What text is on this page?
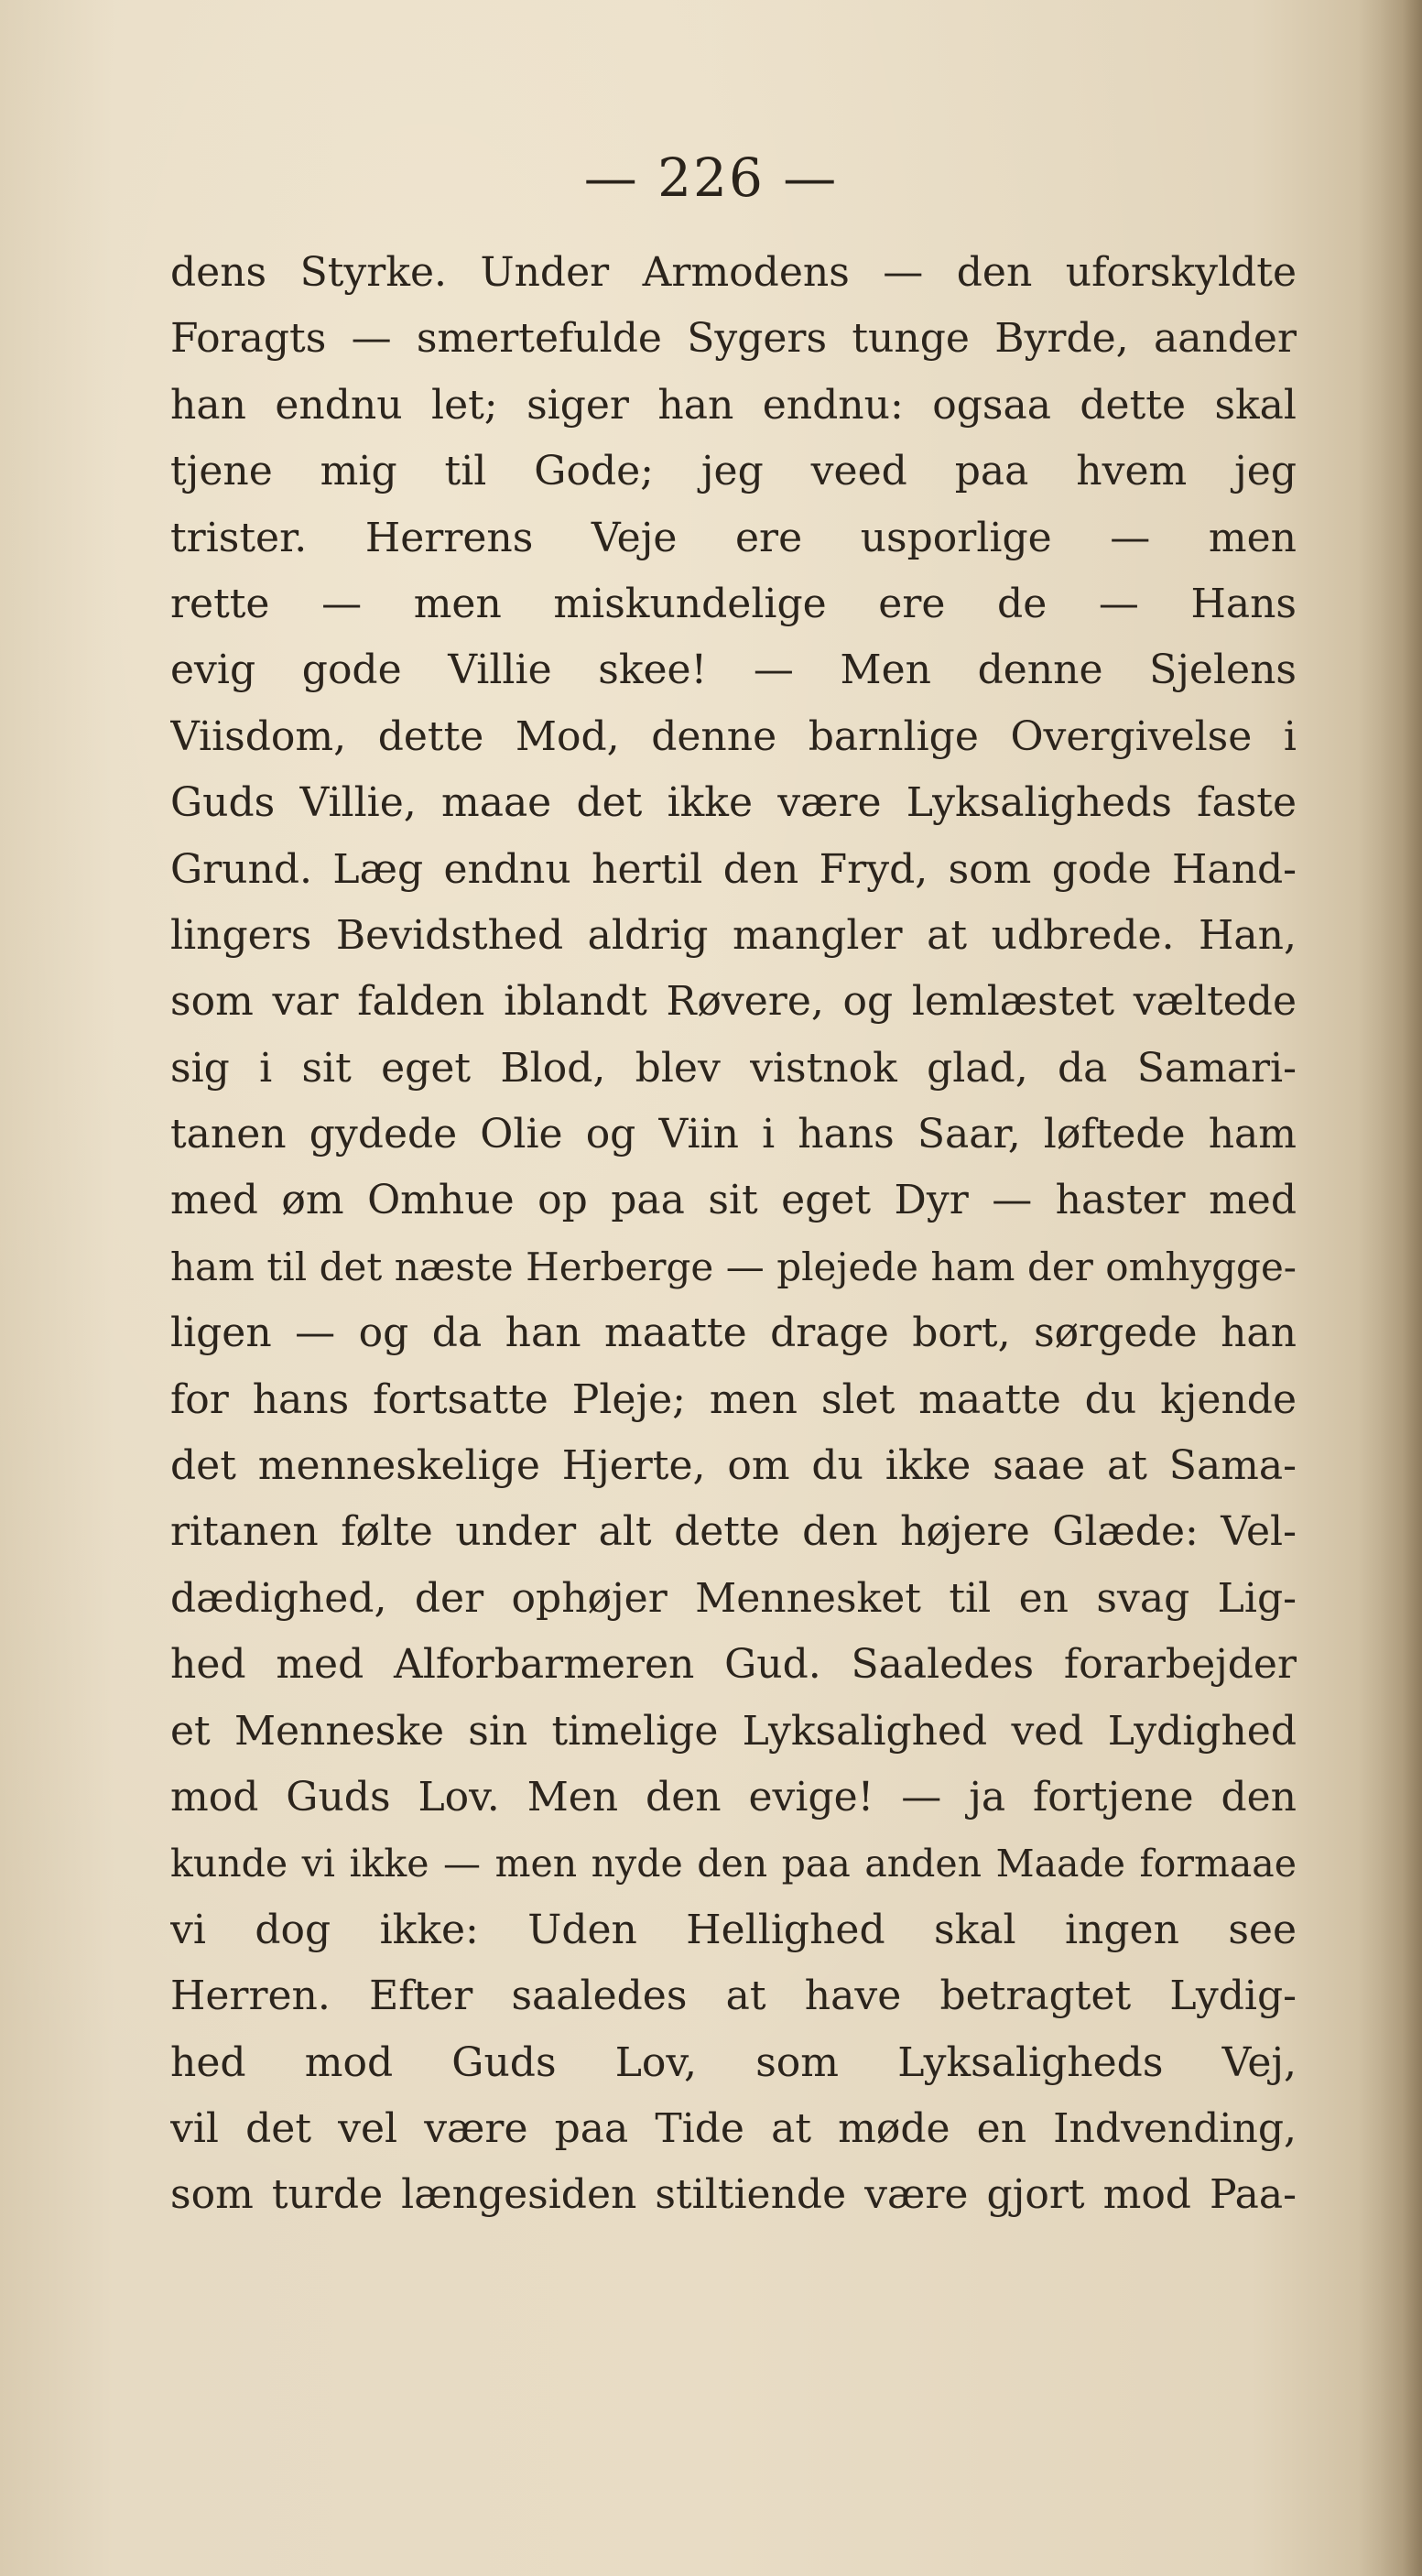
— 226 —
dens Styrke. Under Armodens — den uforskyldte
Foragts — smertefulde Sygers tunge Byrde, aander
han endnu let; siger han endnu: ogsaa dette skal
tjene mig til Gode; jeg veed paa hvem jeg
trister. Herrens Veje ere usporlige — men
rette — men miskundelige ere de — Hans
evig gode Villie skee! — Men denne Sjelens
Viisdom, dette Mod, denne barnlige Overgivelse i
Guds Villie, maae det ikke være Lyksaligheds faste
Grund. Læg endnu hertil den Fryd, som gode Hand-
lingers Bevidsthed aldrig mangler at udbrede. Han,
som var falden iblandt Røvere, og lemlæstet væltede
sig i sit eget Blod, blev vistnok glad, da Samari-
tanen gydede Olie og Viin i hans Saar, løftede ham
med øm Omhue op paa sit eget Dyr — haster med
ham til det næste Herberge — plejede ham der omhygge-
ligen — og da han maatte drage bort, sørgede han
for hans fortsatte Pleje; men slet maatte du kjende
det menneskelige Hjerte, om du ikke saae at Sama-
ritanen følte under alt dette den højere Glæde: Vel-
dædighed, der ophøjer Mennesket til en svag Lig-
hed med Alforbarmeren Gud. Saaledes forarbejder
et Menneske sin timelige Lyksalighed ved Lydighed
mod Guds Lov. Men den evige! — ja fortjene den
kunde vi ikke — men nyde den paa anden Maade formaae
vi dog ikke: Uden Hellighed skal ingen see
Herren. Efter saaledes at have betragtet Lydig-
hed mod Guds Lov, som Lyksaligheds Vej,
vil det vel være paa Tide at møde en Indvending,
som turde længesiden stiltiende være gjort mod Paa-
